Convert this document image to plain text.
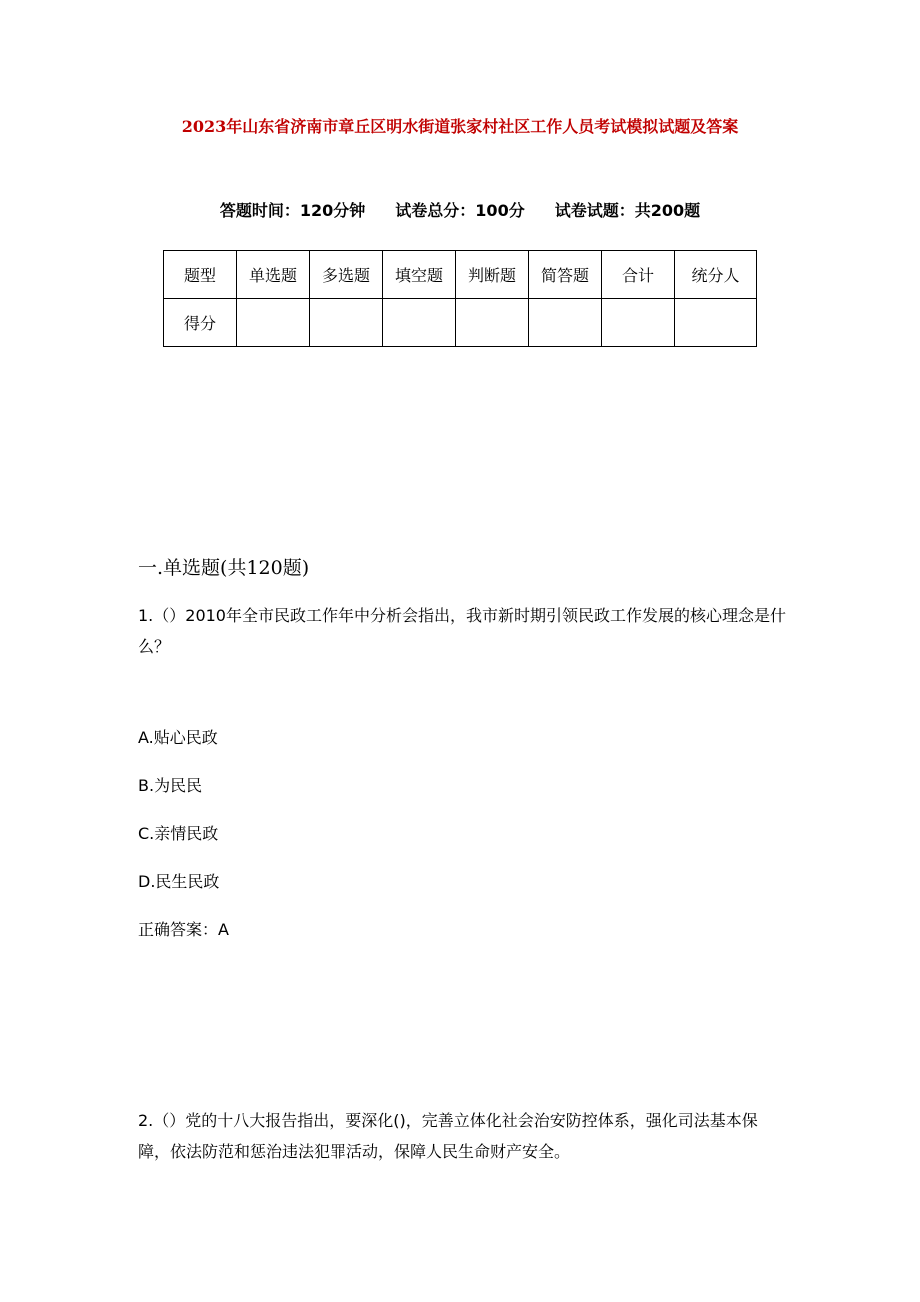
2023年山东省济南市章丘区明水街道张家村社区工作人员考试模拟试题及答案
答题时间：120分钟 试卷总分：100分 试卷试题：共200题
题型	单选题	多选题	填空题	判断题	简答题	合计	统分人
得分							
一.单选题(共120题)
1.（）2010年全市民政工作年中分析会指出，我市新时期引领民政工作发展的核心理念是什么？
A.贴心民政
B.为民民
C.亲情民政
D.民生民政
正确答案：A
2.（）党的十八大报告指出，要深化()，完善立体化社会治安防控体系，强化司法基本保障，依法防范和惩治违法犯罪活动，保障人民生命财产安全。
